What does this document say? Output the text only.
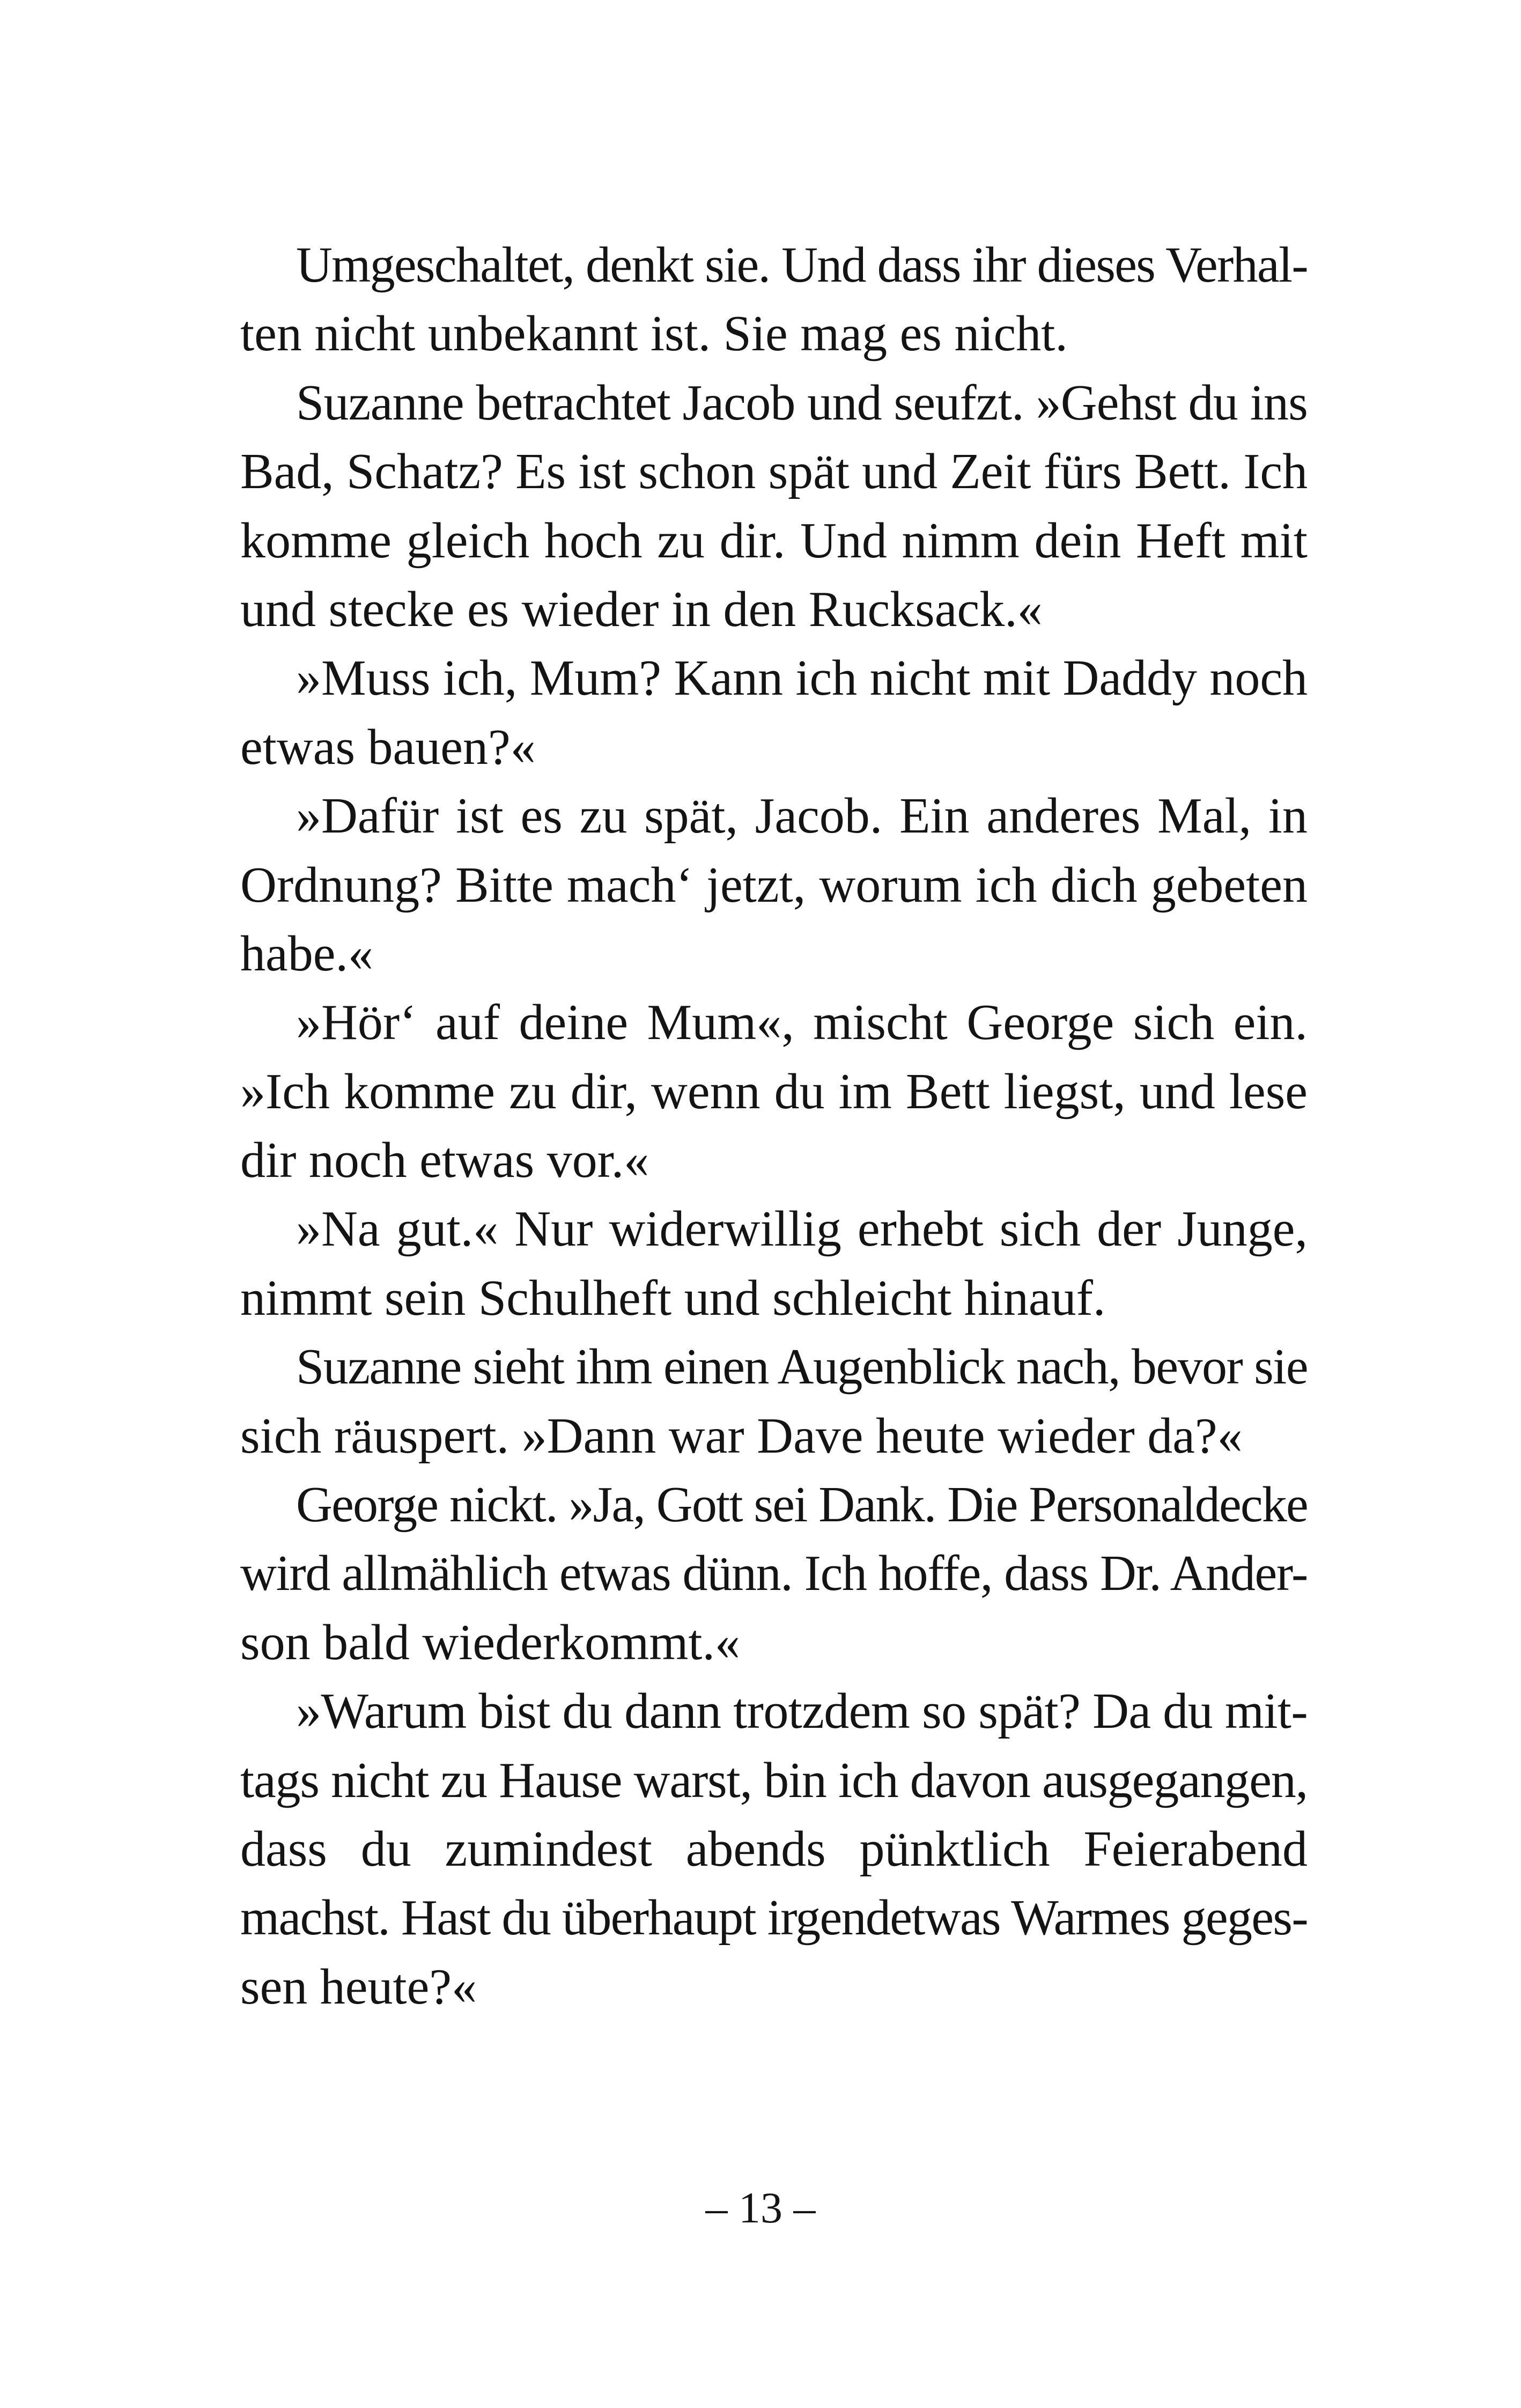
Umgeschaltet, denkt sie. Und dass ihr dieses Verhal-
ten nicht unbekannt ist. Sie mag es nicht.
Suzanne betrachtet Jacob und seufzt. »Gehst du ins
Bad, Schatz? Es ist schon spät und Zeit fürs Bett. Ich
komme gleich hoch zu dir. Und nimm dein Heft mit
und stecke es wieder in den Rucksack.«
»Muss ich, Mum? Kann ich nicht mit Daddy noch
etwas bauen?«
»Dafür ist es zu spät, Jacob. Ein anderes Mal, in
Ordnung? Bitte mach‘ jetzt, worum ich dich gebeten
habe.«
»Hör‘ auf deine Mum«, mischt George sich ein.
»Ich komme zu dir, wenn du im Bett liegst, und lese
dir noch etwas vor.«
»Na gut.« Nur widerwillig erhebt sich der Junge,
nimmt sein Schulheft und schleicht hinauf.
Suzanne sieht ihm einen Augenblick nach, bevor sie
sich räuspert. »Dann war Dave heute wieder da?«
George nickt. »Ja, Gott sei Dank. Die Personaldecke
wird allmählich etwas dünn. Ich hoffe, dass Dr. Ander-
son bald wiederkommt.«
»Warum bist du dann trotzdem so spät? Da du mit-
tags nicht zu Hause warst, bin ich davon ausgegangen,
dass du zumindest abends pünktlich Feierabend
machst. Hast du überhaupt irgendetwas Warmes geges-
sen heute?«
– 13 –
